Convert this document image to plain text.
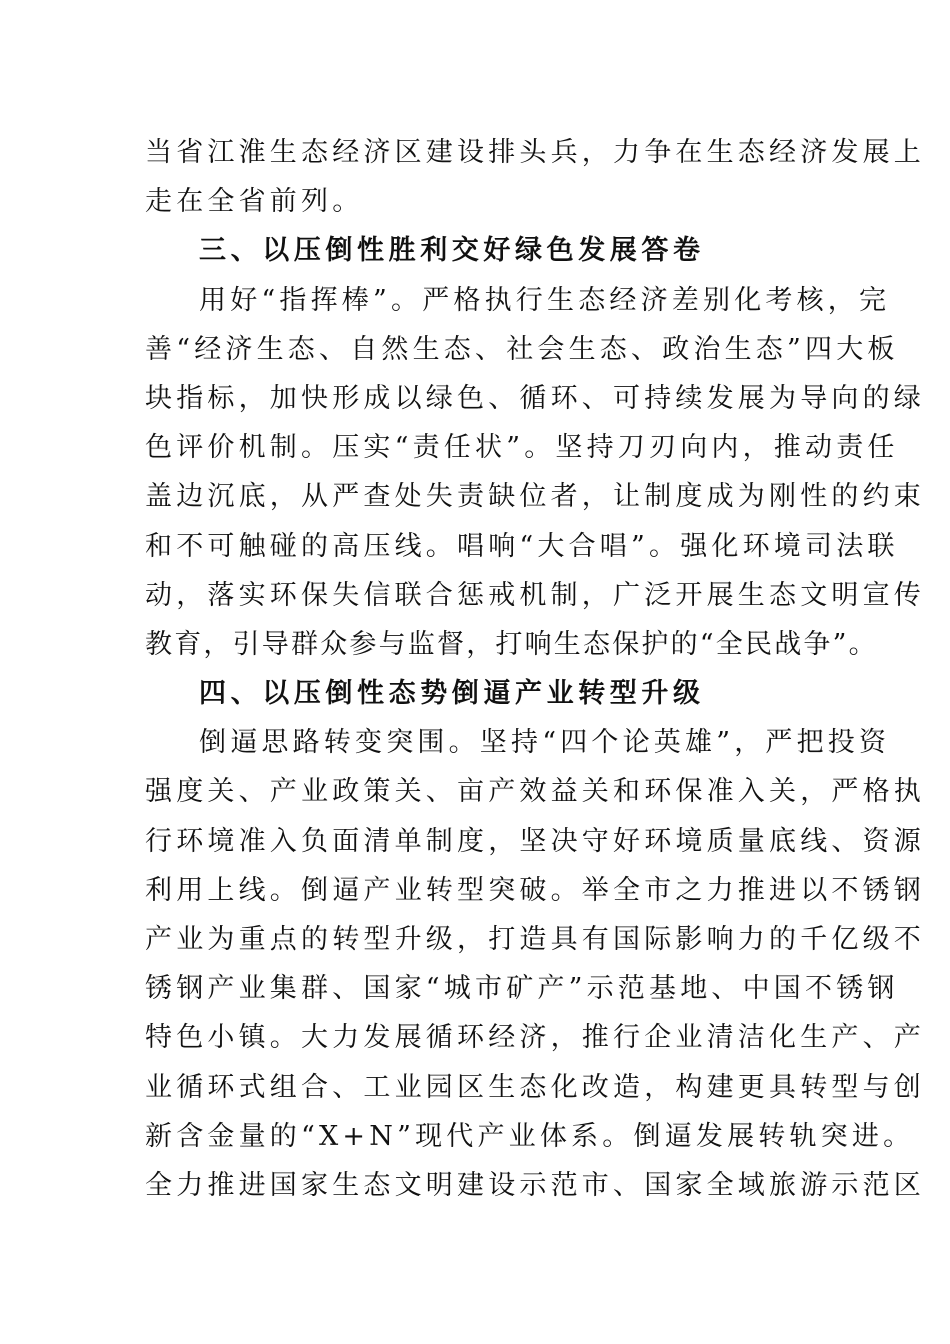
当省江淮生态经济区建设排头兵，力争在生态经济发展上
走在全省前列。
三、以压倒性胜利交好绿色发展答卷
用好“指挥棒”。严格执行生态经济差别化考核，完
善“经济生态、自然生态、社会生态、政治生态”四大板
块指标，加快形成以绿色、循环、可持续发展为导向的绿
色评价机制。压实“责任状”。坚持刀刃向内，推动责任
盖边沉底，从严查处失责缺位者，让制度成为刚性的约束
和不可触碰的高压线。唱响“大合唱”。强化环境司法联
动，落实环保失信联合惩戒机制，广泛开展生态文明宣传
教育，引导群众参与监督，打响生态保护的“全民战争”。
四、以压倒性态势倒逼产业转型升级
倒逼思路转变突围。坚持“四个论英雄”，严把投资
强度关、产业政策关、亩产效益关和环保准入关，严格执
行环境准入负面清单制度，坚决守好环境质量底线、资源
利用上线。倒逼产业转型突破。举全市之力推进以不锈钢
产业为重点的转型升级，打造具有国际影响力的千亿级不
锈钢产业集群、国家“城市矿产”示范基地、中国不锈钢
特色小镇。大力发展循环经济，推行企业清洁化生产、产
业循环式组合、工业园区生态化改造，构建更具转型与创
新含金量的“X+N”现代产业体系。倒逼发展转轨突进。
全力推进国家生态文明建设示范市、国家全域旅游示范区
